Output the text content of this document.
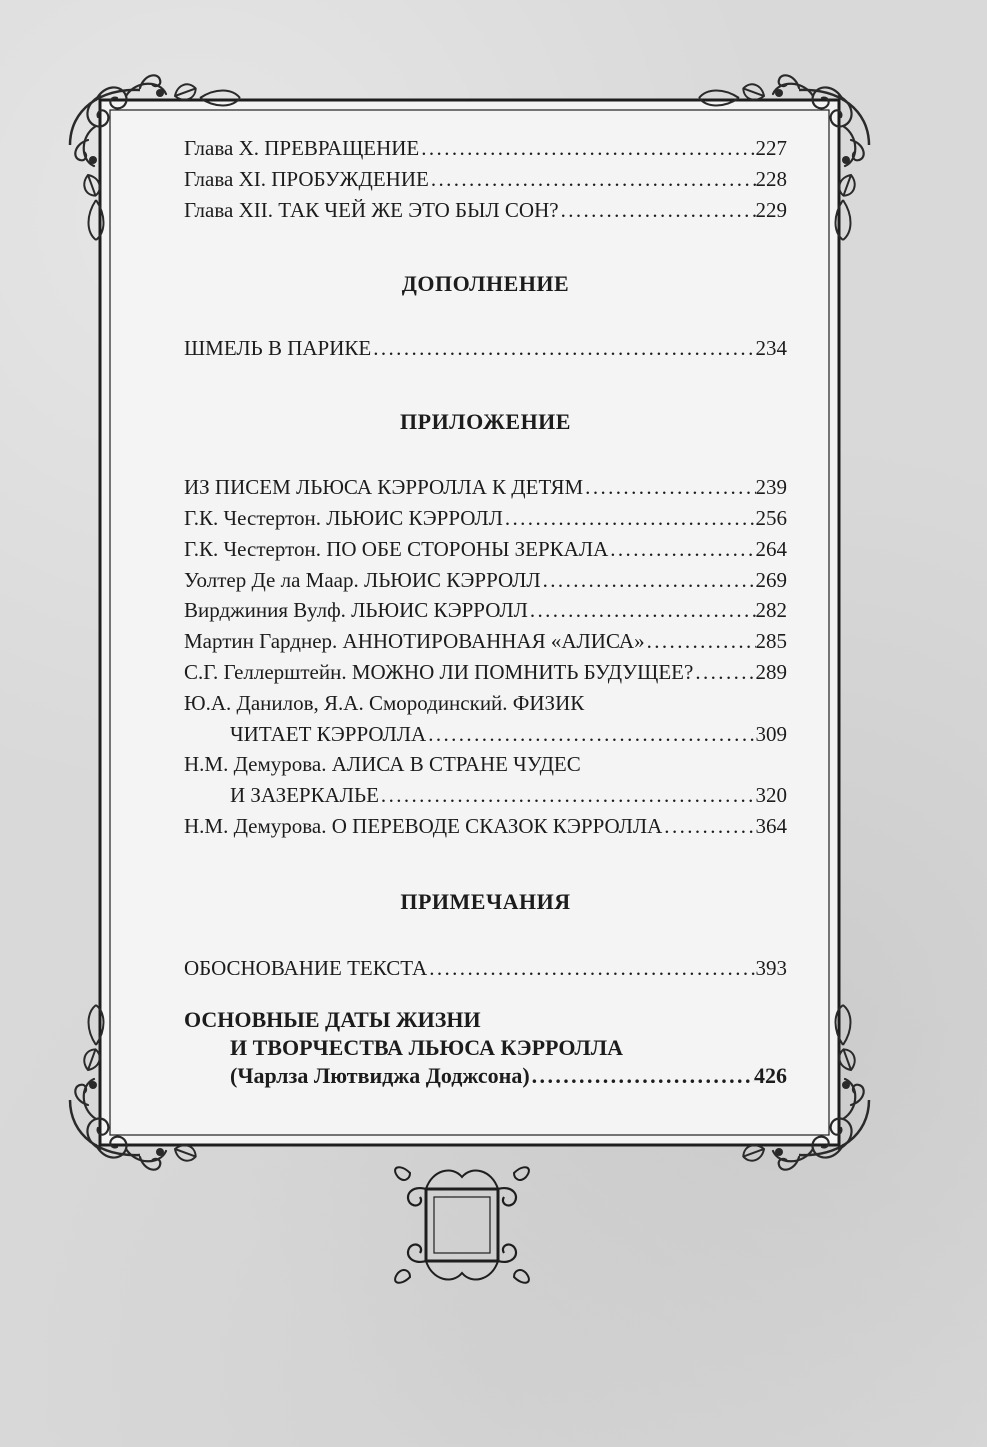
Глава X. ПРЕВРАЩЕНИЕ .....	227
Глава XI. ПРОБУЖДЕНИЕ .....	228
Глава XII. ТАК ЧЕЙ ЖЕ ЭТО БЫЛ СОН? .....	229
ДОПОЛНЕНИЕ
ШМЕЛЬ В ПАРИКЕ .....	234
ПРИЛОЖЕНИЕ
ИЗ ПИСЕМ ЛЬЮСА КЭРРОЛЛА К ДЕТЯМ .....	239
Г.К. Честертон. ЛЬЮИС КЭРРОЛЛ .....	256
Г.К. Честертон. ПО ОБЕ СТОРОНЫ ЗЕРКАЛА .....	264
Уолтер Де ла Маар. ЛЬЮИС КЭРРОЛЛ .....	269
Вирджиния Вулф. ЛЬЮИС КЭРРОЛЛ .....	282
Мартин Гарднер. АННОТИРОВАННАЯ «АЛИСА» .....	285
С.Г. Геллерштейн. МОЖНО ЛИ ПОМНИТЬ БУДУЩЕЕ? .....	289
Ю.А. Данилов, Я.А. Смородинский. ФИЗИК
ЧИТАЕТ КЭРРОЛЛА .....	309
Н.М. Демурова. АЛИСА В СТРАНЕ ЧУДЕС
И ЗАЗЕРКАЛЬЕ .....	320
Н.М. Демурова. О ПЕРЕВОДЕ СКАЗОК КЭРРОЛЛА .....	364
ПРИМЕЧАНИЯ
ОБОСНОВАНИЕ ТЕКСТА .....	393
ОСНОВНЫЕ ДАТЫ ЖИЗНИ
И ТВОРЧЕСТВА ЛЬЮСА КЭРРОЛЛА
(Чарлза Лютвиджа Доджсона) .....	426
